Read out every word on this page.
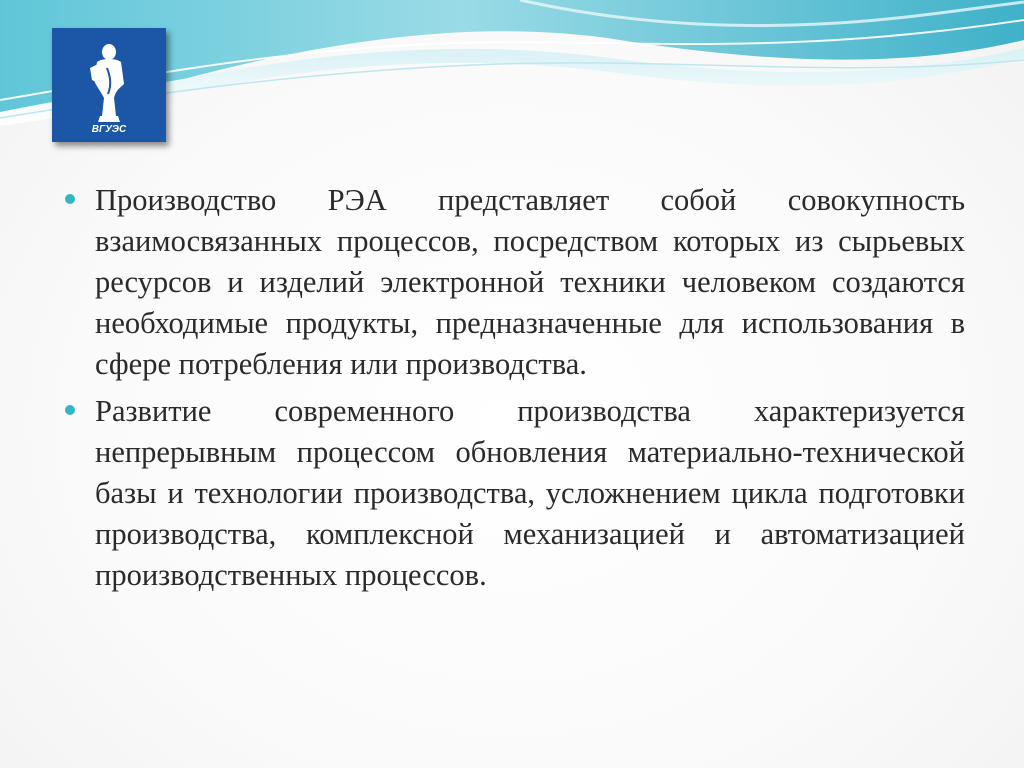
ВГУЭС

Производство РЭА представляет собой совокупность взаимосвязанных процессов, посредством которых из сырьевых ресурсов и изделий электронной техники человеком создаются необходимые продукты, предназначенные для использования в сфере потребления или производства.

Развитие современного производства характеризуется непрерывным процессом обновления материально-технической базы и технологии производства, усложнением цикла подготовки производства, комплексной механизацией и автоматизацией производственных процессов.
